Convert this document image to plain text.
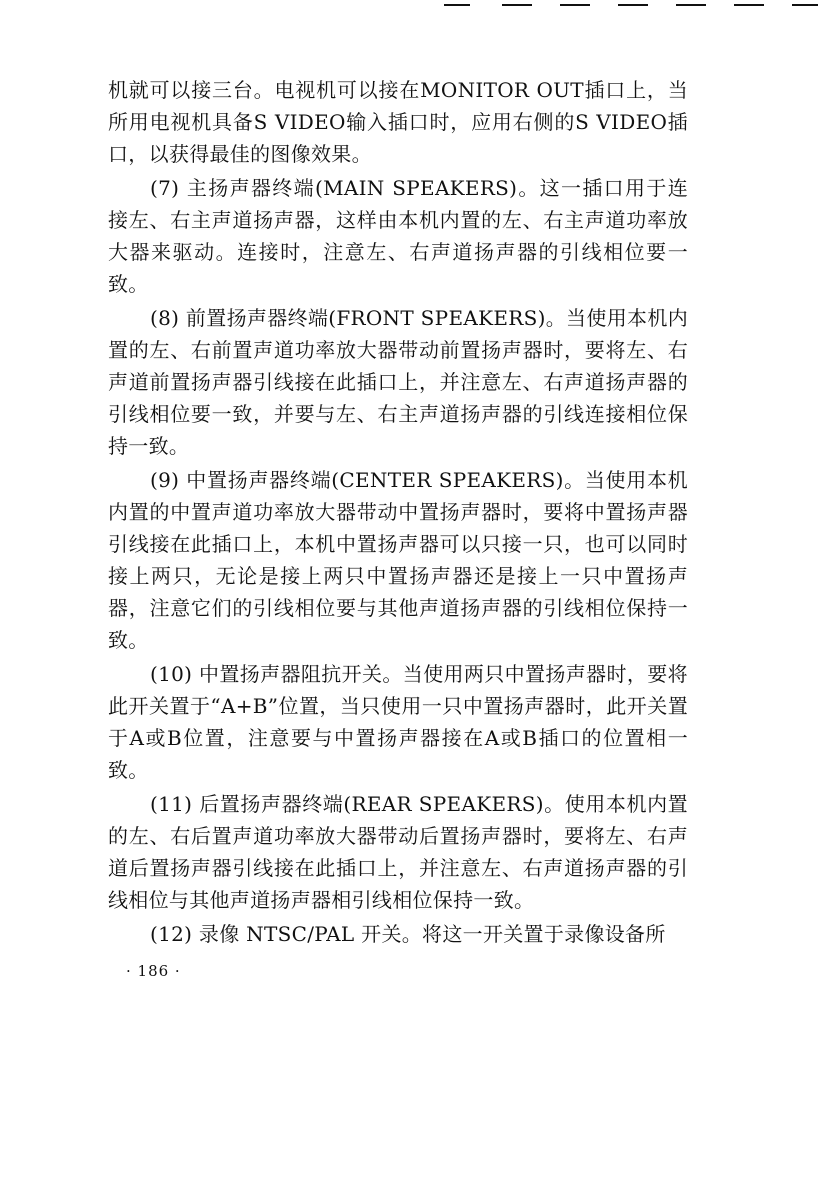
机就可以接三台。电视机可以接在MONITOR OUT插口上，当所用电视机具备S VIDEO输入插口时，应用右侧的S VIDEO插口，以获得最佳的图像效果。

(7) 主扬声器终端(MAIN SPEAKERS)。这一插口用于连接左、右主声道扬声器，这样由本机内置的左、右主声道功率放大器来驱动。连接时，注意左、右声道扬声器的引线相位要一致。

(8) 前置扬声器终端(FRONT SPEAKERS)。当使用本机内置的左、右前置声道功率放大器带动前置扬声器时，要将左、右声道前置扬声器引线接在此插口上，并注意左、右声道扬声器的引线相位要一致，并要与左、右主声道扬声器的引线连接相位保持一致。

(9) 中置扬声器终端(CENTER SPEAKERS)。当使用本机内置的中置声道功率放大器带动中置扬声器时，要将中置扬声器引线接在此插口上，本机中置扬声器可以只接一只，也可以同时接上两只，无论是接上两只中置扬声器还是接上一只中置扬声器，注意它们的引线相位要与其他声道扬声器的引线相位保持一致。

(10) 中置扬声器阻抗开关。当使用两只中置扬声器时，要将此开关置于“A+B”位置，当只使用一只中置扬声器时，此开关置于A或B位置，注意要与中置扬声器接在A或B插口的位置相一致。

(11) 后置扬声器终端(REAR SPEAKERS)。使用本机内置的左、右后置声道功率放大器带动后置扬声器时，要将左、右声道后置扬声器引线接在此插口上，并注意左、右声道扬声器的引线相位与其他声道扬声器相引线相位保持一致。

(12) 录像 NTSC/PAL 开关。将这一开关置于录像设备所

· 186 ·
